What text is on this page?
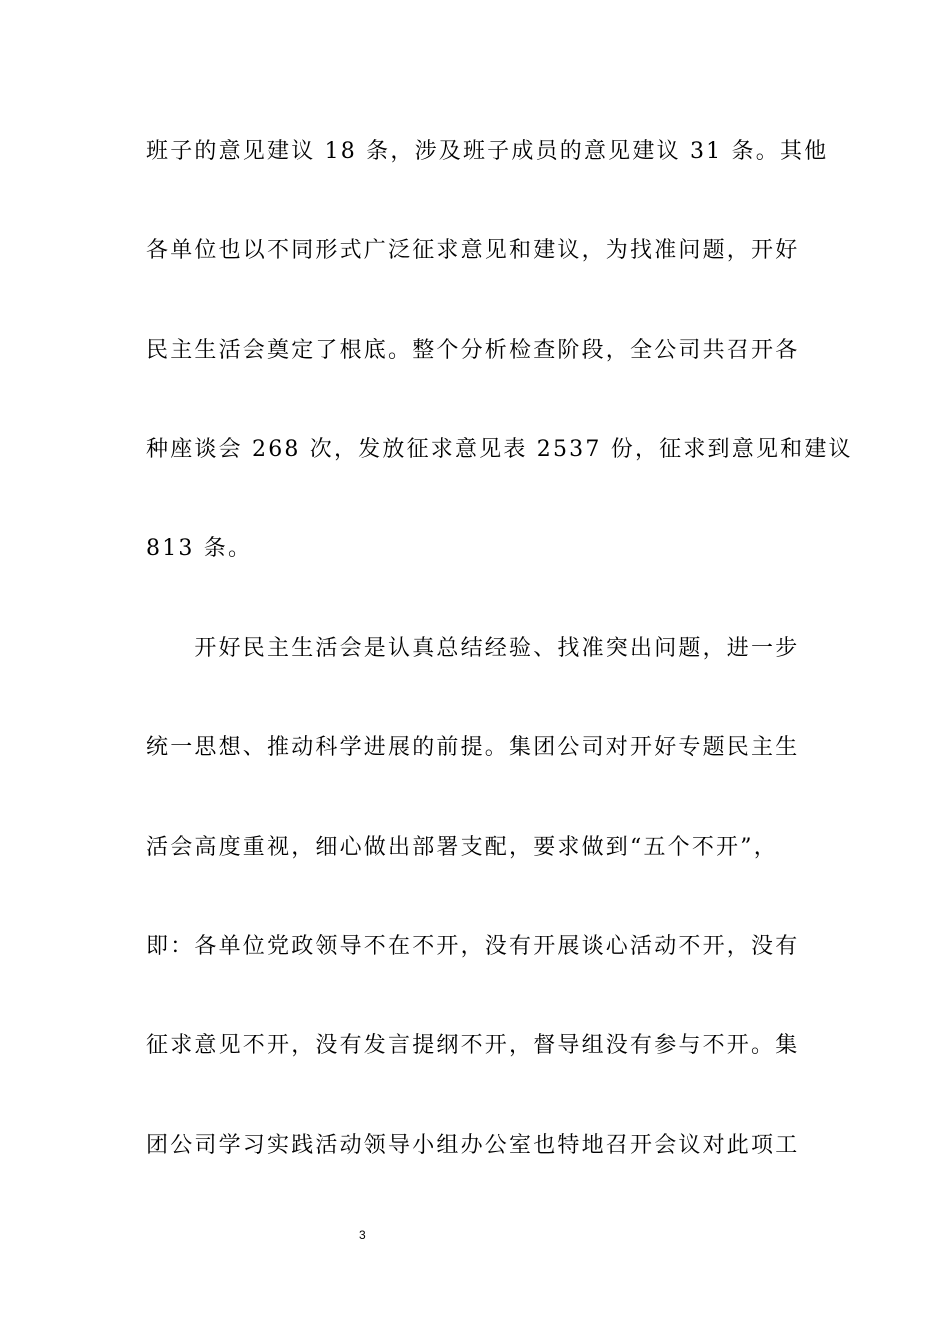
班子的意见建议 18 条，涉及班子成员的意见建议 31 条。其他
各单位也以不同形式广泛征求意见和建议，为找准问题，开好
民主生活会奠定了根底。整个分析检查阶段，全公司共召开各
种座谈会 268 次，发放征求意见表 2537 份，征求到意见和建议
813 条。
　　开好民主生活会是认真总结经验、找准突出问题，进一步
统一思想、推动科学进展的前提。集团公司对开好专题民主生
活会高度重视，细心做出部署支配，要求做到“五个不开”，
即：各单位党政领导不在不开，没有开展谈心活动不开，没有
征求意见不开，没有发言提纲不开，督导组没有参与不开。集
团公司学习实践活动领导小组办公室也特地召开会议对此项工
3
